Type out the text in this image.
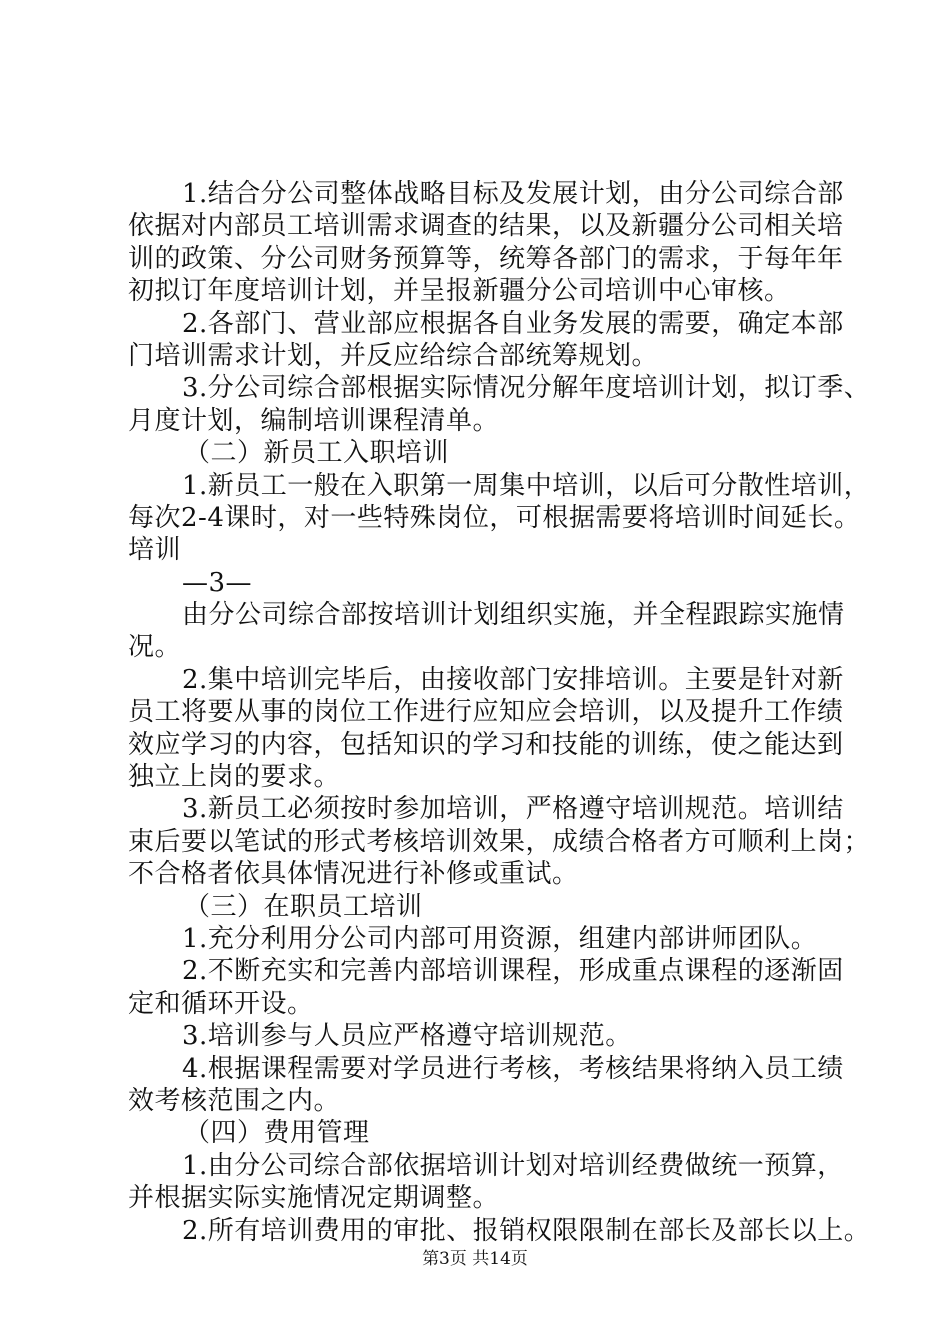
1.结合分公司整体战略目标及发展计划，由分公司综合部
依据对内部员工培训需求调查的结果，以及新疆分公司相关培
训的政策、分公司财务预算等，统筹各部门的需求，于每年年
初拟订年度培训计划，并呈报新疆分公司培训中心审核。
2.各部门、营业部应根据各自业务发展的需要，确定本部
门培训需求计划，并反应给综合部统筹规划。
3.分公司综合部根据实际情况分解年度培训计划，拟订季、
月度计划，编制培训课程清单。
（二）新员工入职培训
1.新员工一般在入职第一周集中培训，以后可分散性培训，
每次2-4课时，对一些特殊岗位，可根据需要将培训时间延长。
培训
—3—
由分公司综合部按培训计划组织实施，并全程跟踪实施情
况。
2.集中培训完毕后，由接收部门安排培训。主要是针对新
员工将要从事的岗位工作进行应知应会培训，以及提升工作绩
效应学习的内容，包括知识的学习和技能的训练，使之能达到
独立上岗的要求。
3.新员工必须按时参加培训，严格遵守培训规范。培训结
束后要以笔试的形式考核培训效果，成绩合格者方可顺利上岗；
不合格者依具体情况进行补修或重试。
（三）在职员工培训
1.充分利用分公司内部可用资源，组建内部讲师团队。
2.不断充实和完善内部培训课程，形成重点课程的逐渐固
定和循环开设。
3.培训参与人员应严格遵守培训规范。
4.根据课程需要对学员进行考核，考核结果将纳入员工绩
效考核范围之内。
（四）费用管理
1.由分公司综合部依据培训计划对培训经费做统一预算，
并根据实际实施情况定期调整。
2.所有培训费用的审批、报销权限限制在部长及部长以上。
第3页 共14页
